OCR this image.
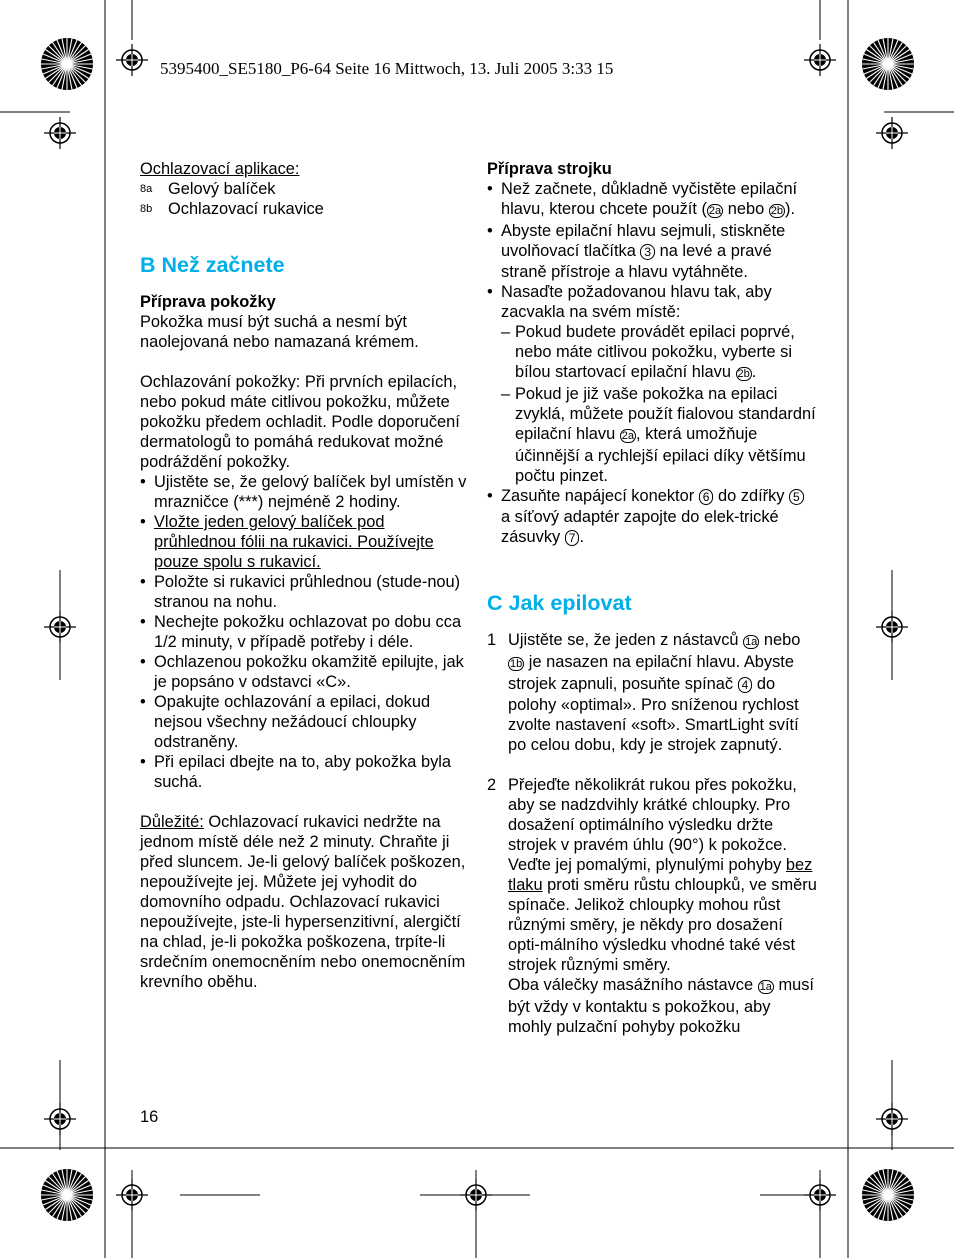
5395400_SE5180_P6-64 Seite 16 Mittwoch, 13. Juli 2005 3:33 15

Ochlazovací aplikace:

8a Gelový balíček
8b Ochlazovací rukavice

B Než začnete

Příprava pokožky

Pokožka musí být suchá a nesmí být naolejovaná nebo namazaná krémem.

Ochlazování pokožky: Při prvních epilacích, nebo pokud máte citlivou pokožku, můžete pokožku předem ochladit. Podle doporučení dermatologů to pomáhá redukovat možné podráždění pokožky.

• Ujistěte se, že gelový balíček byl umístěn v mrazničce (***) nejméně 2 hodiny.
• Vložte jeden gelový balíček pod průhlednou fólii na rukavici. Používejte pouze spolu s rukavicí.
• Položte si rukavici průhlednou (stude-nou) stranou na nohu.
• Nechejte pokožku ochlazovat po dobu cca 1/2 minuty, v případě potřeby i déle.
• Ochlazenou pokožku okamžitě epilujte, jak je popsáno v odstavci «C».
• Opakujte ochlazování a epilaci, dokud nejsou všechny nežádoucí chloupky odstraněny.
• Při epilaci dbejte na to, aby pokožka byla suchá.

Důležité: Ochlazovací rukavici nedržte na jednom místě déle než 2 minuty. Chraňte ji před sluncem. Je-li gelový balíček poškozen, nepoužívejte jej. Můžete jej vyhodit do domovního odpadu. Ochlazovací rukavici nepoužívejte, jste-li hypersenzitivní, alergičtí na chlad, je-li pokožka poškozena, trpíte-li srdečním onemocněním nebo onemocněním krevního oběhu.

16

Příprava strojku

• Než začnete, důkladně vyčistěte epilační hlavu, kterou chcete použít ( 2a nebo 2b ).
• Abyste epilační hlavu sejmuli, stiskněte uvolňovací tlačítka 3 na levé a pravé straně přístroje a hlavu vytáhněte.
• Nasaďte požadovanou hlavu tak, aby zacvakla na svém místě:
– Pokud budete provádět epilaci poprvé, nebo máte citlivou pokožku, vyberte si bílou startovací epilační hlavu 2b .
– Pokud je již vaše pokožka na epilaci zvyklá, můžete použít fialovou standardní epilační hlavu 2a , která umožňuje účinnější a rychlejší epilaci díky většímu počtu pinzet.
• Zasuňte napájecí konektor 6 do zdířky 5 a síťový adaptér zapojte do elek-trické zásuvky 7 .

C Jak epilovat

1 Ujistěte se, že jeden z nástavců 1a nebo 1b je nasazen na epilační hlavu. Abyste strojek zapnuli, posuňte spínač 4 do polohy «optimal». Pro sníženou rychlost zvolte nastavení «soft». SmartLight svítí po celou dobu, kdy je strojek zapnutý.
2 Přejeďte několikrát rukou přes pokožku, aby se nadzdvihly krátké chloupky. Pro dosažení optimálního výsledku držte strojek v pravém úhlu (90°) k pokožce. Veďte jej pomalými, plynulými pohyby bez tlaku proti směru růstu chloupků, ve směru spínače. Jelikož chloupky mohou růst různými směry, je někdy pro dosažení opti-málního výsledku vhodné také vést strojek různými směry.
Oba válečky masážního nástavce 1a musí být vždy v kontaktu s pokožkou, aby mohly pulzační pohyby pokožku
